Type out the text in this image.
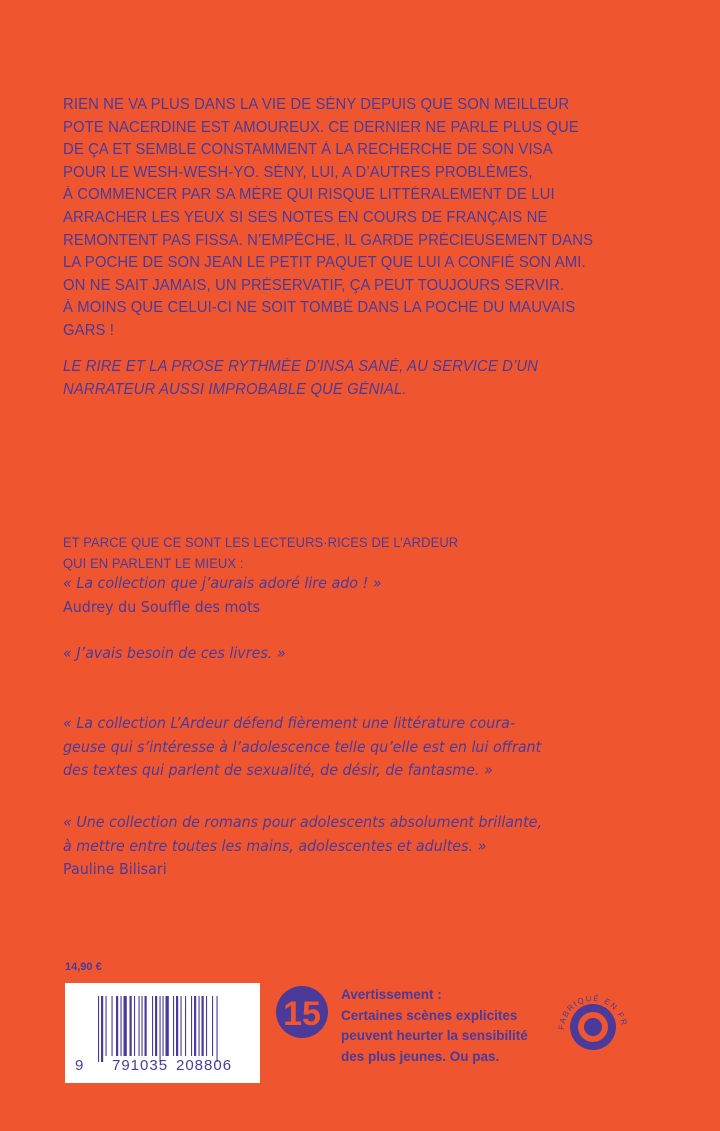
RIEN NE VA PLUS DANS LA VIE DE SÉNY DEPUIS QUE SON MEILLEUR
POTE NACERDINE EST AMOUREUX. CE DERNIER NE PARLE PLUS QUE
DE ÇA ET SEMBLE CONSTAMMENT À LA RECHERCHE DE SON VISA
POUR LE WESH-WESH-YO. SÉNY, LUI, A D’AUTRES PROBLÈMES,
À COMMENCER PAR SA MÈRE QUI RISQUE LITTÉRALEMENT DE LUI
ARRACHER LES YEUX SI SES NOTES EN COURS DE FRANÇAIS NE
REMONTENT PAS FISSA. N’EMPÊCHE, IL GARDE PRÉCIEUSEMENT DANS
LA POCHE DE SON JEAN LE PETIT PAQUET QUE LUI A CONFIÉ SON AMI.
ON NE SAIT JAMAIS, UN PRÉSERVATIF, ÇA PEUT TOUJOURS SERVIR.
À MOINS QUE CELUI-CI NE SOIT TOMBÉ DANS LA POCHE DU MAUVAIS
GARS !
LE RIRE ET LA PROSE RYTHMÉE D’INSA SANÉ, AU SERVICE D’UN
NARRATEUR AUSSI IMPROBABLE QUE GÉNIAL.
ET PARCE QUE CE SONT LES LECTEURS·RICES DE L’ARDEUR
QUI EN PARLENT LE MIEUX :
« La collection que j’aurais adoré lire ado ! »
Audrey du Souffle des mots
« J’avais besoin de ces livres. »
« La collection L’Ardeur défend fièrement une littérature coura-
geuse qui s’intéresse à l’adolescence telle qu’elle est en lui offrant
des textes qui parlent de sexualité, de désir, de fantasme. »
« Une collection de romans pour adolescents absolument brillante,
à mettre entre toutes les mains, adolescentes et adultes. »
Pauline Bilisari
14,90 €
9 791035 208806
15
Avertissement :
Certaines scènes explicites
peuvent heurter la sensibilité
des plus jeunes. Ou pas.
FABRIQUÉ EN FR
